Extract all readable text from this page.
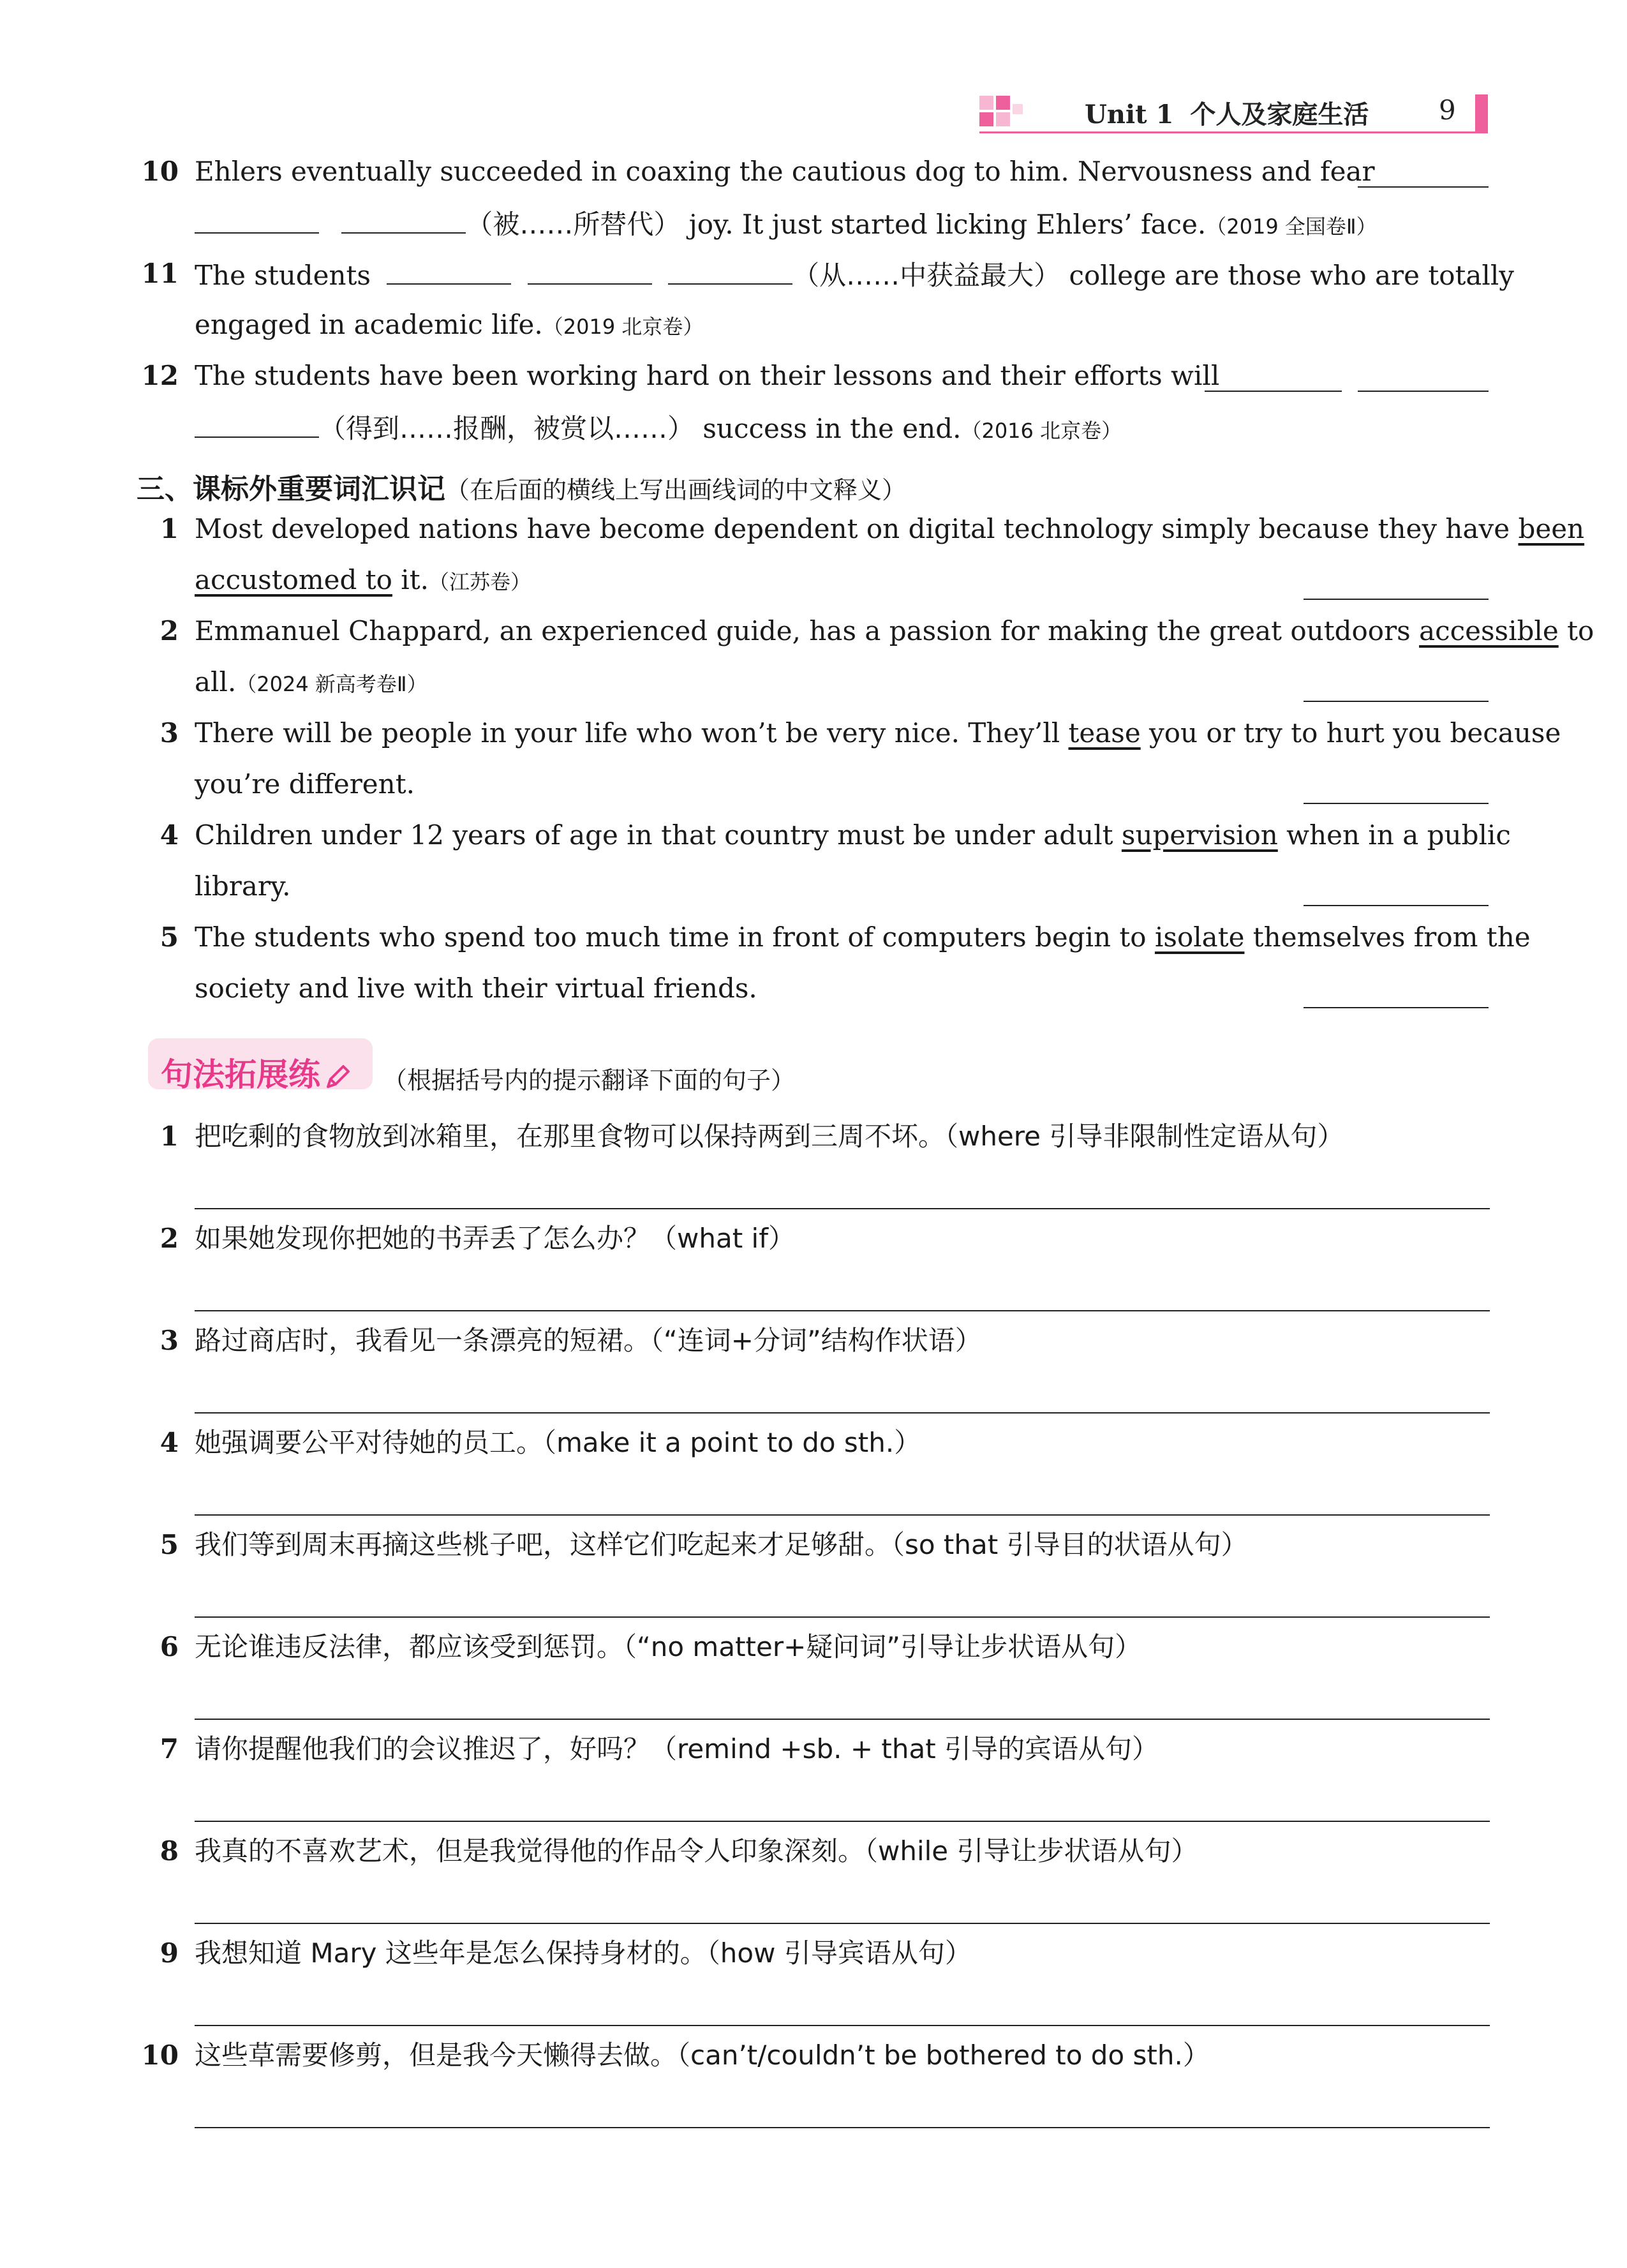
Unit 1 个人及家庭生活	9
10 Ehlers eventually succeeded in coaxing the cautious dog to him. Nervousness and fear
（被……所替代） joy. It just started licking Ehlers’ face.（2019 全国卷Ⅱ）
11 The students	（从……中获益最大） college are those who are totally
engaged in academic life.（2019 北京卷）
12 The students have been working hard on their lessons and their efforts will
（得到……报酬，被赏以……） success in the end.（2016 北京卷）
三、课标外重要词汇识记（在后面的横线上写出画线词的中文释义）
1 Most developed nations have become dependent on digital technology simply because they have been
accustomed to it.（江苏卷）
2 Emmanuel Chappard, an experienced guide, has a passion for making the great outdoors accessible to
all.（2024 新高考卷Ⅱ）
3 There will be people in your life who won’t be very nice. They’ll tease you or try to hurt you because
you’re different.
4 Children under 12 years of age in that country must be under adult supervision when in a public
library.
5 The students who spend too much time in front of computers begin to isolate themselves from the
society and live with their virtual friends.
句法拓展练	（根据括号内的提示翻译下面的句子）
1 把吃剩的食物放到冰箱里，在那里食物可以保持两到三周不坏。（where 引导非限制性定语从句）
2 如果她发现你把她的书弄丢了怎么办？（what if）
3 路过商店时，我看见一条漂亮的短裙。（“连词+分词”结构作状语）
4 她强调要公平对待她的员工。（make it a point to do sth.）
5 我们等到周末再摘这些桃子吧，这样它们吃起来才足够甜。（so that 引导目的状语从句）
6 无论谁违反法律，都应该受到惩罚。（“no matter+疑问词”引导让步状语从句）
7 请你提醒他我们的会议推迟了，好吗？（remind +sb. + that 引导的宾语从句）
8 我真的不喜欢艺术，但是我觉得他的作品令人印象深刻。（while 引导让步状语从句）
9 我想知道 Mary 这些年是怎么保持身材的。（how 引导宾语从句）
10 这些草需要修剪，但是我今天懒得去做。（can’t/couldn’t be bothered to do sth.）
